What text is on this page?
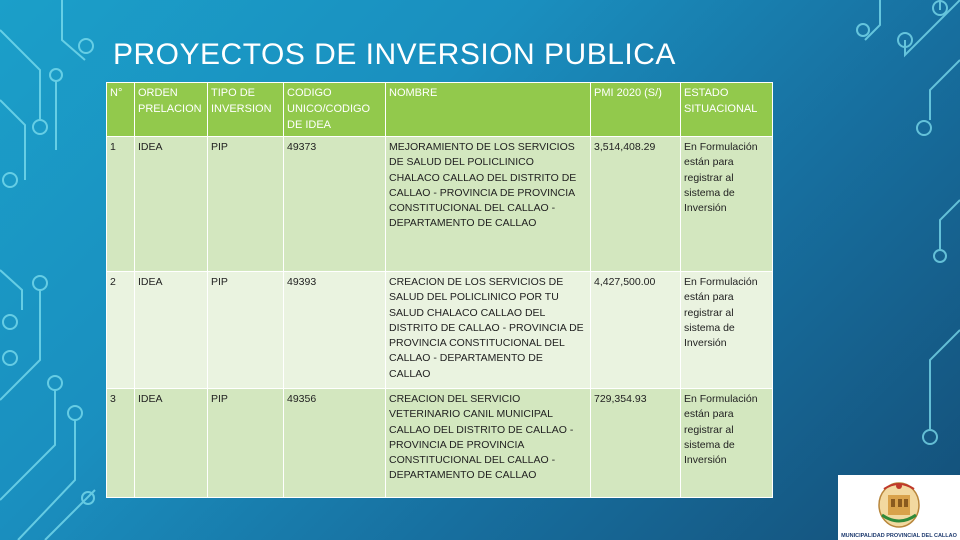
PROYECTOS DE INVERSION PUBLICA
N°	ORDEN PRELACION	TIPO DE INVERSION	CODIGO UNICO/CODIGO DE IDEA	NOMBRE	PMI 2020 (S/)	ESTADO SITUACIONAL
1	IDEA	PIP	49373	MEJORAMIENTO DE LOS SERVICIOS DE SALUD DEL POLICLINICO CHALACO CALLAO DEL DISTRITO DE CALLAO - PROVINCIA DE PROVINCIA CONSTITUCIONAL DEL CALLAO - DEPARTAMENTO DE CALLAO	3,514,408.29	En Formulación están para registrar al sistema de Inversión
2	IDEA	PIP	49393	CREACION DE LOS SERVICIOS DE SALUD DEL POLICLINICO POR TU SALUD CHALACO CALLAO DEL DISTRITO DE CALLAO - PROVINCIA DE PROVINCIA CONSTITUCIONAL DEL CALLAO - DEPARTAMENTO DE CALLAO	4,427,500.00	En Formulación están para registrar al sistema de Inversión
3	IDEA	PIP	49356	CREACION DEL SERVICIO VETERINARIO CANIL MUNICIPAL CALLAO DEL DISTRITO DE CALLAO - PROVINCIA DE PROVINCIA CONSTITUCIONAL DEL CALLAO - DEPARTAMENTO DE CALLAO	729,354.93	En Formulación están para registrar al sistema de Inversión
MUNICIPALIDAD PROVINCIAL DEL CALLAO
